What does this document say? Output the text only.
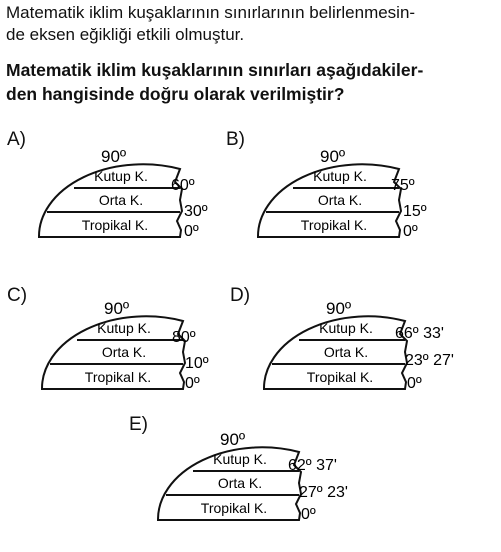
Matematik iklim kuşaklarının sınırlarının belirlenmesin-
de eksen eğikliği etkili olmuştur.
Matematik iklim kuşaklarının sınırları aşağıdakiler-
den hangisinde doğru olarak verilmiştir?
A)
90º
Kutup K.
Orta K.
Tropikal K.
60º
30º
0º
B)
90º
Kutup K.
Orta K.
Tropikal K.
75º
15º
0º
C)
90º
Kutup K.
Orta K.
Tropikal K.
80º
10º
0º
D)
90º
Kutup K.
Orta K.
Tropikal K.
66º 33'
23º 27'
0º
E)
90º
Kutup K.
Orta K.
Tropikal K.
62º 37'
27º 23'
0º
